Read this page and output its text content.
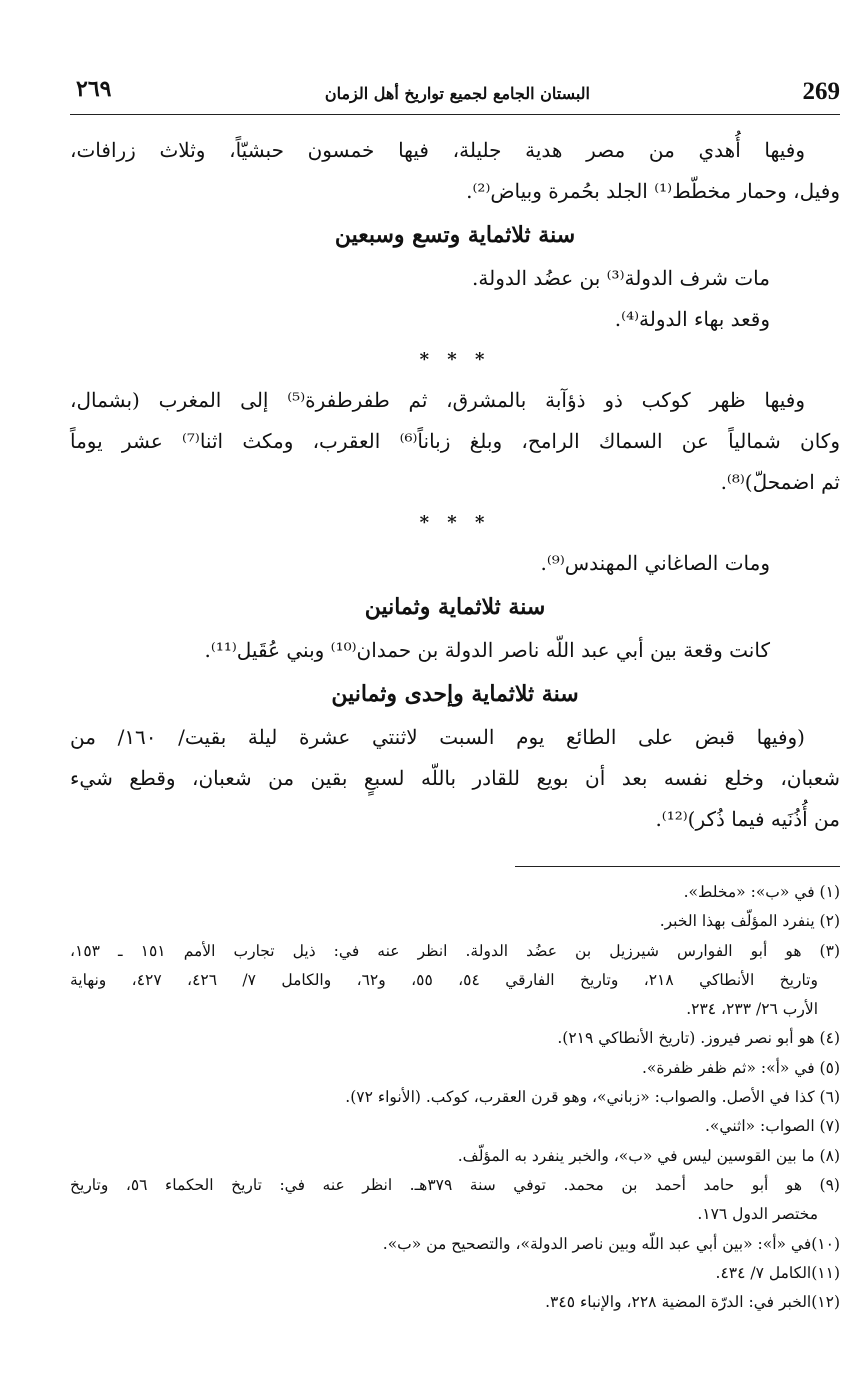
269
البستان الجامع لجميع تواريخ أهل الزمان
٢٦٩
وفيها أُهدي من مصر هدية جليلة، فيها خمسون حبشيّاً، وثلاث زرافات،
وفيل، وحمار مخطّط⁽¹⁾ الجلد بحُمرة وبياض⁽²⁾.
سنة ثلاثماية وتسع وسبعين
مات شرف الدولة⁽³⁾ بن عضُد الدولة.
وقعد بهاء الدولة⁽⁴⁾.
* * *
وفيها ظهر كوكب ذو ذؤآبة بالمشرق، ثم طفرطفرة⁽⁵⁾ إلى المغرب (بشمال،
وكان شمالياً عن السماك الرامح، وبلغ زباناً⁽⁶⁾ العقرب، ومكث اثنا⁽⁷⁾ عشر يوماً
ثم اضمحلّ)⁽⁸⁾.
* * *
ومات الصاغاني المهندس⁽⁹⁾.
سنة ثلاثماية وثمانين
كانت وقعة بين أبي عبد اللّه ناصر الدولة بن حمدان⁽¹⁰⁾ وبني عُقَيل⁽¹¹⁾.
سنة ثلاثماية وإحدى وثمانين
(وفيها قبض على الطائع يوم السبت لاثنتي عشرة ليلة بقيت/ ١٦٠/ من
شعبان، وخلع نفسه بعد أن بويع للقادر باللّه لسبعٍ بقين من شعبان، وقطع شيء
من أُذُنَيه فيما ذُكر)⁽¹²⁾.
(١) في «ب»: «مخلط».
(٢) ينفرد المؤلّف بهذا الخبر.
(٣) هو أبو الفوارس شيرزيل بن عضُد الدولة. انظر عنه في: ذيل تجارب الأمم ١٥١ ـ ١٥٣،
وتاريخ الأنطاكي ٢١٨، وتاريخ الفارقي ٥٤، ٥٥، و٦٢، والكامل ٧/ ٤٢٦، ٤٢٧، ونهاية
الأرب ٢٦/ ٢٣٣، ٢٣٤.
(٤) هو أبو نصر فيروز. (تاريخ الأنطاكي ٢١٩).
(٥) في «أ»: «ثم ظفر ظفرة».
(٦) كذا في الأصل. والصواب: «زباني»، وهو قرن العقرب، كوكب. (الأنواء ٧٢).
(٧) الصواب: «اثني».
(٨) ما بين القوسين ليس في «ب»، والخبر ينفرد به المؤلّف.
(٩) هو أبو حامد أحمد بن محمد. توفي سنة ٣٧٩هـ. انظر عنه في: تاريخ الحكماء ٥٦، وتاريخ
مختصر الدول ١٧٦.
(١٠)في «أ»: «بين أبي عبد اللّه وبين ناصر الدولة»، والتصحيح من «ب».
(١١)الكامل ٧/ ٤٣٤.
(١٢)الخبر في: الدرّة المضية ٢٢٨، والإنباء ٣٤٥.
